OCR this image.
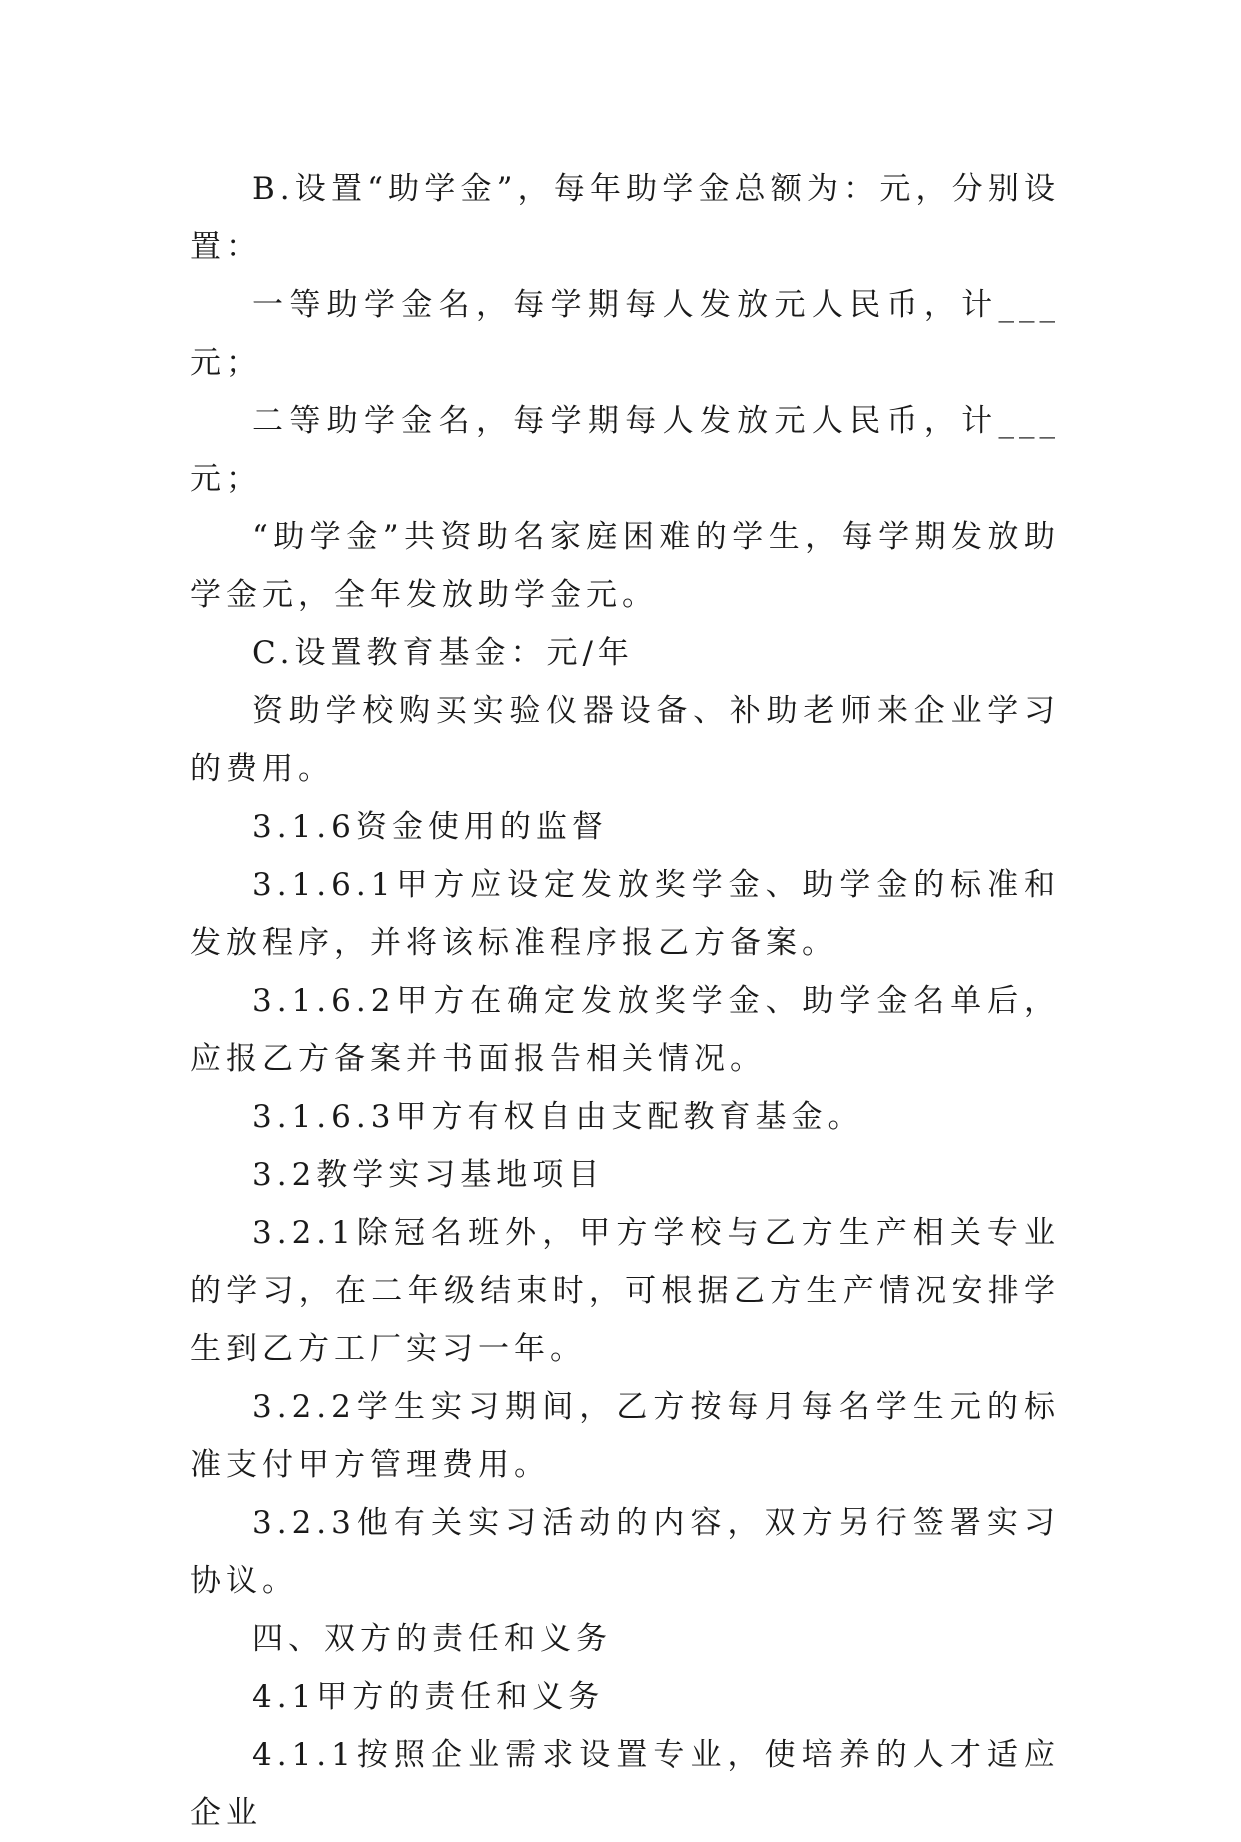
B.设置“助学金”，每年助学金总额为：元，分别设置：

一等助学金名，每学期每人发放元人民币，计___元；

二等助学金名，每学期每人发放元人民币，计___元；

“助学金”共资助名家庭困难的学生，每学期发放助学金元，全年发放助学金元。

C.设置教育基金：元/年

资助学校购买实验仪器设备、补助老师来企业学习的费用。

3.1.6资金使用的监督

3.1.6.1甲方应设定发放奖学金、助学金的标准和发放程序，并将该标准程序报乙方备案。

3.1.6.2甲方在确定发放奖学金、助学金名单后，应报乙方备案并书面报告相关情况。

3.1.6.3甲方有权自由支配教育基金。

3.2教学实习基地项目

3.2.1除冠名班外，甲方学校与乙方生产相关专业的学习，在二年级结束时，可根据乙方生产情况安排学生到乙方工厂实习一年。

3.2.2学生实习期间，乙方按每月每名学生元的标准支付甲方管理费用。

3.2.3他有关实习活动的内容，双方另行签署实习协议。

四、双方的责任和义务

4.1甲方的责任和义务

4.1.1按照企业需求设置专业，使培养的人才适应企业
